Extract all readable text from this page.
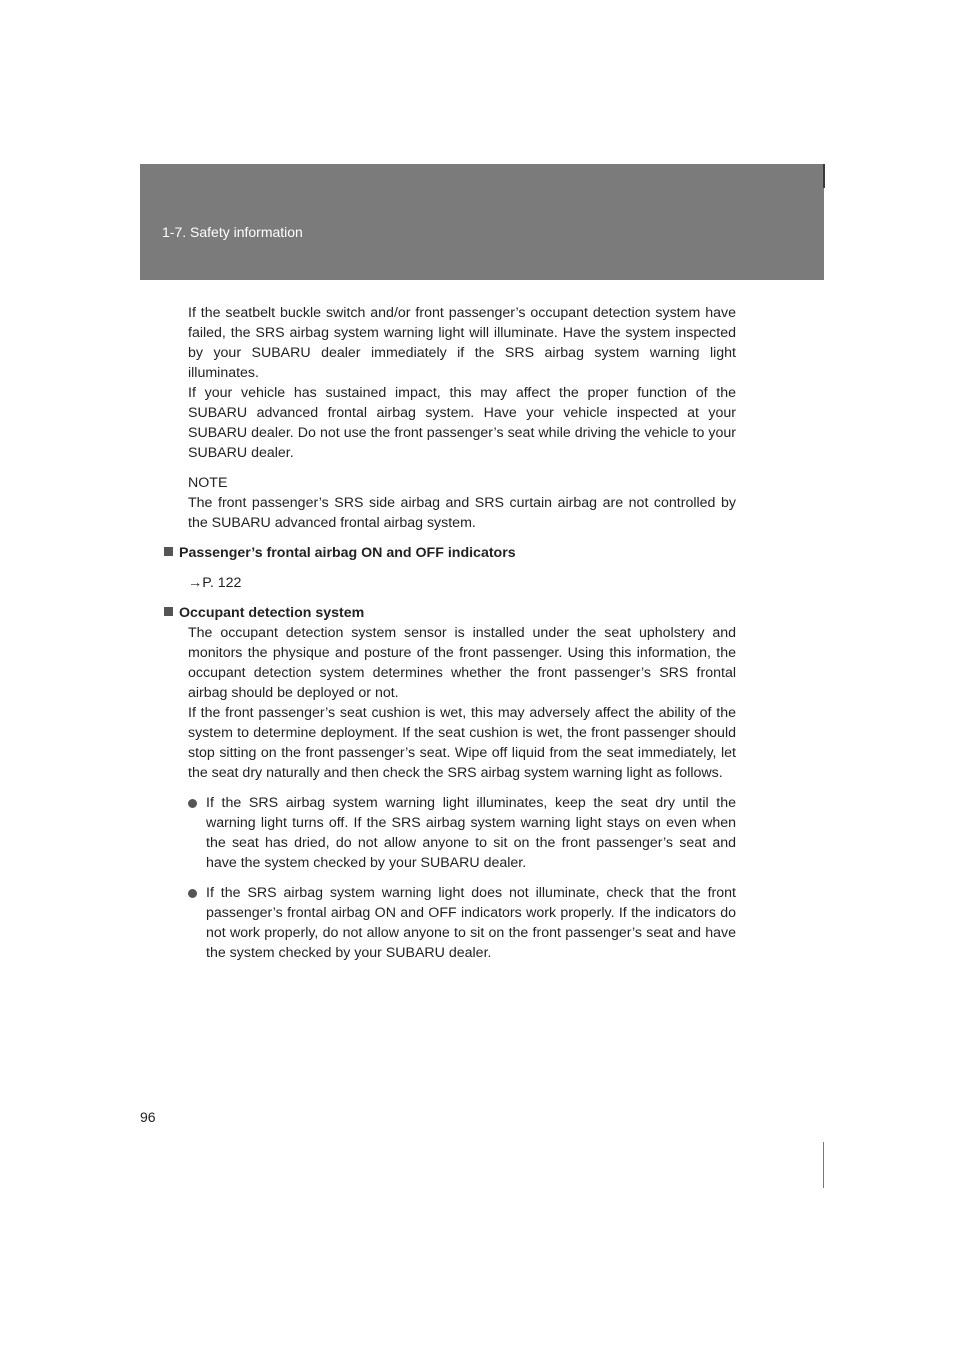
1-7. Safety information

If the seatbelt buckle switch and/or front passenger’s occupant detection system have failed, the SRS airbag system warning light will illuminate. Have the system inspected by your SUBARU dealer immediately if the SRS airbag system warning light illuminates.

If your vehicle has sustained impact, this may affect the proper function of the SUBARU advanced frontal airbag system. Have your vehicle inspected at your SUBARU dealer. Do not use the front passenger’s seat while driving the vehicle to your SUBARU dealer.

NOTE

The front passenger’s SRS side airbag and SRS curtain airbag are not controlled by the SUBARU advanced frontal airbag system.

Passenger’s frontal airbag ON and OFF indicators

→P. 122

Occupant detection system

The occupant detection system sensor is installed under the seat upholstery and monitors the physique and posture of the front passenger. Using this information, the occupant detection system determines whether the front passenger’s SRS frontal airbag should be deployed or not.

If the front passenger’s seat cushion is wet, this may adversely affect the ability of the system to determine deployment. If the seat cushion is wet, the front passenger should stop sitting on the front passenger’s seat. Wipe off liquid from the seat immediately, let the seat dry naturally and then check the SRS airbag system warning light as follows.

If the SRS airbag system warning light illuminates, keep the seat dry until the warning light turns off. If the SRS airbag system warning light stays on even when the seat has dried, do not allow anyone to sit on the front passenger’s seat and have the system checked by your SUBARU dealer.
If the SRS airbag system warning light does not illuminate, check that the front passenger’s frontal airbag ON and OFF indicators work properly. If the indicators do not work properly, do not allow anyone to sit on the front passenger’s seat and have the system checked by your SUBARU dealer.
96
